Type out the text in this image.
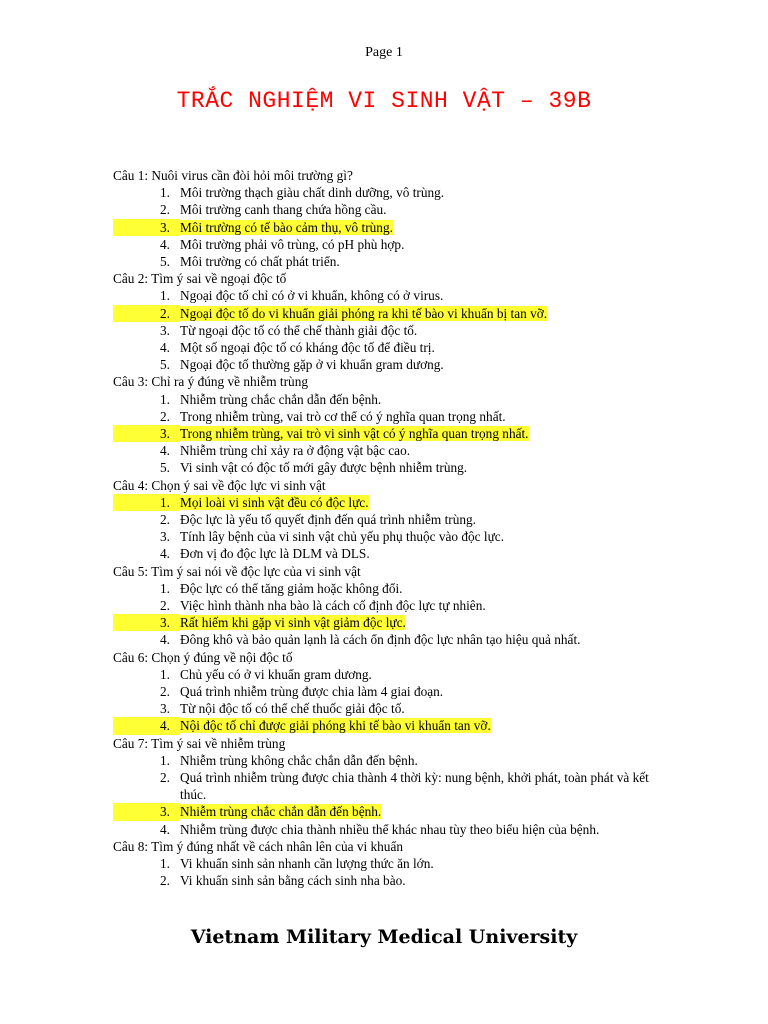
Page 1
TRẮC NGHIỆM VI SINH VẬT – 39B
Câu 1: Nuôi virus cần đòi hỏi môi trường gì?
1. Môi trường thạch giàu chất dinh dưỡng, vô trùng.
2. Môi trường canh thang chứa hồng cầu.
3. Môi trường có tế bào cảm thụ, vô trùng.
4. Môi trường phải vô trùng, có pH phù hợp.
5. Môi trường có chất phát triển.
Câu 2: Tìm ý sai về ngoại độc tố
1. Ngoại độc tố chỉ có ở vi khuẩn, không có ở virus.
2. Ngoại độc tố do vi khuẩn giải phóng ra khi tế bào vi khuẩn bị tan vỡ.
3. Từ ngoại độc tố có thể chế thành giải độc tố.
4. Một số ngoại độc tố có kháng độc tố để điều trị.
5. Ngoại độc tố thường gặp ở vi khuẩn gram dương.
Câu 3: Chỉ ra ý đúng về nhiễm trùng
1. Nhiễm trùng chắc chắn dẫn đến bệnh.
2. Trong nhiễm trùng, vai trò cơ thể có ý nghĩa quan trọng nhất.
3. Trong nhiễm trùng, vai trò vi sinh vật có ý nghĩa quan trọng nhất.
4. Nhiễm trùng chỉ xảy ra ở động vật bậc cao.
5. Vi sinh vật có độc tố mới gây được bệnh nhiễm trùng.
Câu 4: Chọn ý sai về độc lực vi sinh vật
1. Mọi loài vi sinh vật đều có độc lực.
2. Độc lực là yếu tố quyết định đến quá trình nhiễm trùng.
3. Tính lây bệnh của vi sinh vật chủ yếu phụ thuộc vào độc lực.
4. Đơn vị đo độc lực là DLM và DLS.
Câu 5: Tìm ý sai nói về độc lực của vi sinh vật
1. Độc lực có thể tăng giảm hoặc không đổi.
2. Việc hình thành nha bào là cách cố định độc lực tự nhiên.
3. Rất hiếm khi gặp vi sinh vật giảm độc lực.
4. Đông khô và bảo quản lạnh là cách ổn định độc lực nhân tạo hiệu quả nhất.
Câu 6: Chọn ý đúng về nội độc tố
1. Chủ yếu có ở vi khuẩn gram dương.
2. Quá trình nhiễm trùng được chia làm 4 giai đoạn.
3. Từ nội độc tố có thể chế thuốc giải độc tố.
4. Nội độc tố chỉ được giải phóng khi tế bào vi khuẩn tan vỡ.
Câu 7: Tìm ý sai về nhiễm trùng
1. Nhiễm trùng không chắc chắn dẫn đến bệnh.
2. Quá trình nhiễm trùng được chia thành 4 thời kỳ: nung bệnh, khởi phát, toàn phát và kết thúc.
3. Nhiễm trùng chắc chắn dẫn đến bệnh.
4. Nhiễm trùng được chia thành nhiều thể khác nhau tùy theo biểu hiện của bệnh.
Câu 8: Tìm ý đúng nhất về cách nhân lên của vi khuẩn
1. Vi khuẩn sinh sản nhanh cần lượng thức ăn lớn.
2. Vi khuẩn sinh sản bằng cách sinh nha bào.
Vietnam Military Medical University
